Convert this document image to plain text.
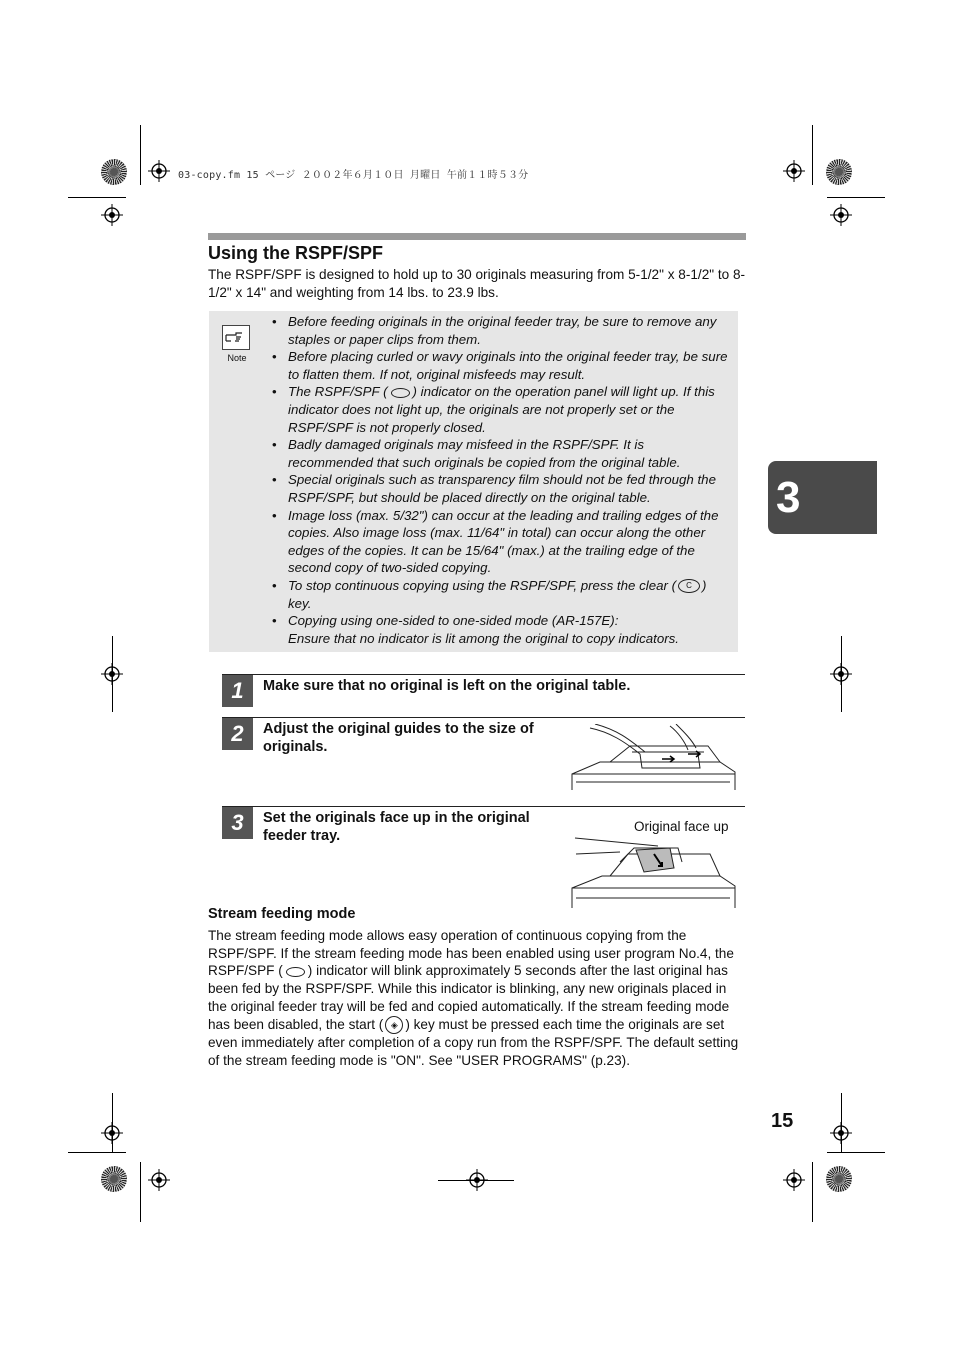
03-copy.fm 15 ページ ２００２年６月１０日 月曜日 午前１１時５３分
Using the RSPF/SPF
The RSPF/SPF is designed to hold up to 30 originals measuring from 5-1/2" x 8-1/2" to 8-1/2" x 14" and weighting from 14 lbs. to 23.9 lbs.
Note
• Before feeding originals in the original feeder tray, be sure to remove any staples or paper clips from them.
• Before placing curled or wavy originals into the original feeder tray, be sure to flatten them. If not, original misfeeds may result.
• The RSPF/SPF ( ) indicator on the operation panel will light up. If this indicator does not light up, the originals are not properly set or the RSPF/SPF is not properly closed.
• Badly damaged originals may misfeed in the RSPF/SPF. It is recommended that such originals be copied from the original table.
• Special originals such as transparency film should not be fed through the RSPF/SPF, but should be placed directly on the original table.
• Image loss (max. 5/32") can occur at the leading and trailing edges of the copies. Also image loss (max. 11/64" in total) can occur along the other edges of the copies. It can be 15/64" (max.) at the trailing edge of the second copy of two-sided copying.
• To stop continuous copying using the RSPF/SPF, press the clear ( C ) key.
• Copying using one-sided to one-sided mode (AR-157E):
Ensure that no indicator is lit among the original to copy indicators.
1	Make sure that no original is left on the original table.
2	Adjust the original guides to the size of originals.
3	Set the originals face up in the original feeder tray.
Original face up
Stream feeding mode
The stream feeding mode allows easy operation of continuous copying from the RSPF/SPF. If the stream feeding mode has been enabled using user program No.4, the RSPF/SPF ( ) indicator will blink approximately 5 seconds after the last original has been fed by the RSPF/SPF. While this indicator is blinking, any new originals placed in the original feeder tray will be fed and copied automatically. If the stream feeding mode has been disabled, the start ( ◈ ) key must be pressed each time the originals are set even immediately after completion of a copy run from the RSPF/SPF. The default setting of the stream feeding mode is "ON". See "USER PROGRAMS" (p.23).
3
15
